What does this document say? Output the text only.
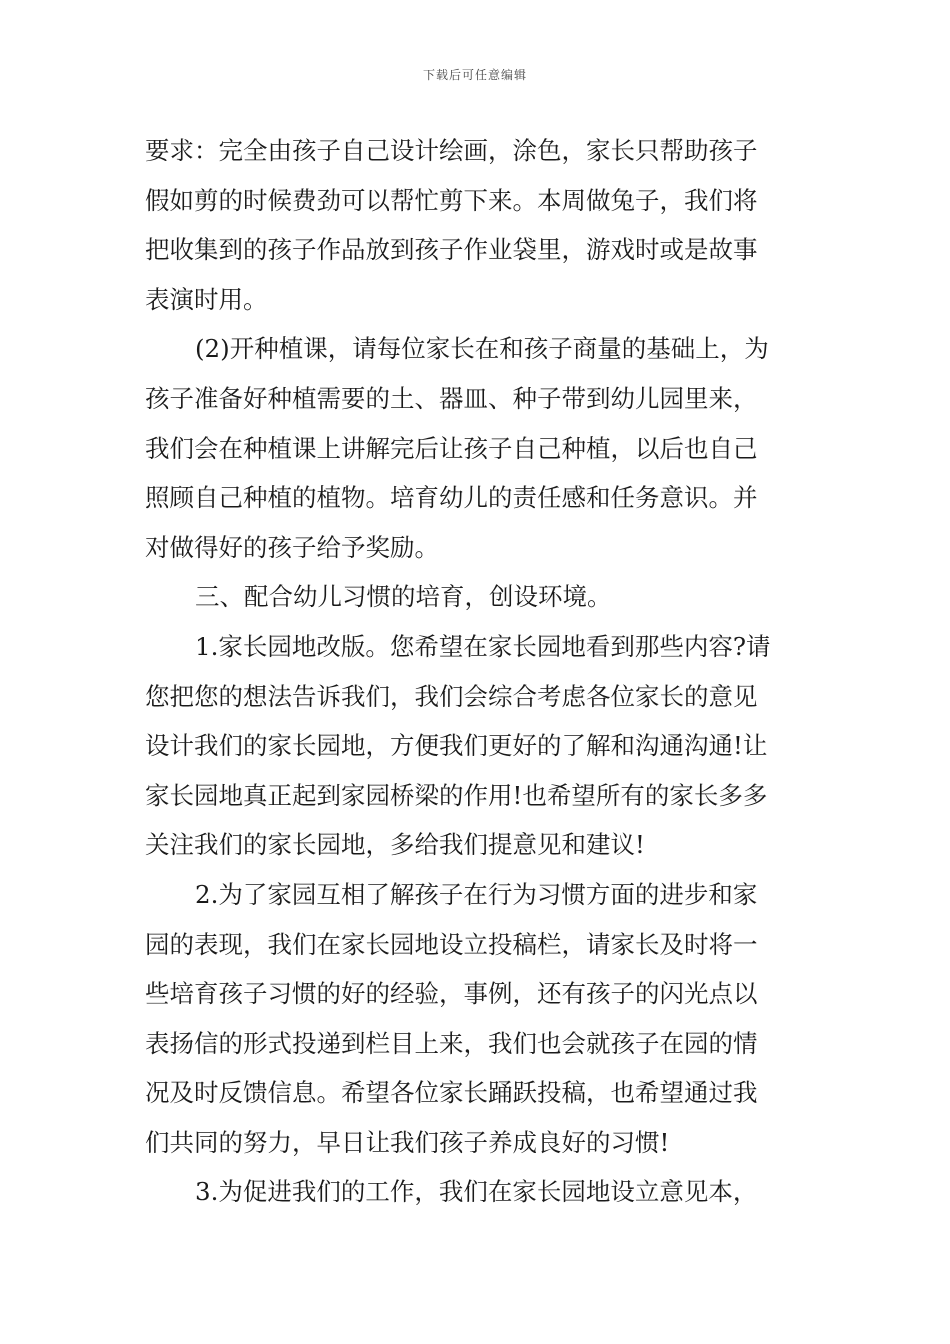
下载后可任意编辑
要求：完全由孩子自己设计绘画，涂色，家长只帮助孩子
假如剪的时候费劲可以帮忙剪下来。本周做兔子，我们将
把收集到的孩子作品放到孩子作业袋里，游戏时或是故事
表演时用。
(2)开种植课，请每位家长在和孩子商量的基础上，为
孩子准备好种植需要的土、器皿、种子带到幼儿园里来，
我们会在种植课上讲解完后让孩子自己种植，以后也自己
照顾自己种植的植物。培育幼儿的责任感和任务意识。并
对做得好的孩子给予奖励。
三、配合幼儿习惯的培育，创设环境。
1.家长园地改版。您希望在家长园地看到那些内容?请
您把您的想法告诉我们，我们会综合考虑各位家长的意见
设计我们的家长园地，方便我们更好的了解和沟通沟通!让
家长园地真正起到家园桥梁的作用!也希望所有的家长多多
关注我们的家长园地，多给我们提意见和建议!
2.为了家园互相了解孩子在行为习惯方面的进步和家
园的表现，我们在家长园地设立投稿栏，请家长及时将一
些培育孩子习惯的好的经验，事例，还有孩子的闪光点以
表扬信的形式投递到栏目上来，我们也会就孩子在园的情
况及时反馈信息。希望各位家长踊跃投稿，也希望通过我
们共同的努力，早日让我们孩子养成良好的习惯!
3.为促进我们的工作，我们在家长园地设立意见本，
